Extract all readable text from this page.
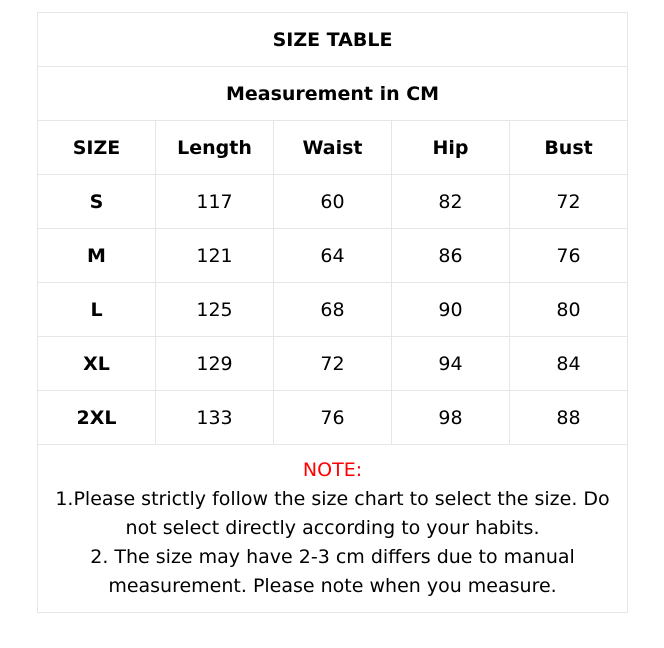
SIZE TABLE				
Measurement in CM				
SIZE	Length	Waist	Hip	Bust
S	117	60	82	72
M	121	64	86	76
L	125	68	90	80
XL	129	72	94	84
2XL	133	76	98	88

NOTE:
1.Please strictly follow the size chart to select the size. Do not select directly according to your habits.
2. The size may have 2-3 cm differs due to manual measurement. Please note when you measure.				
